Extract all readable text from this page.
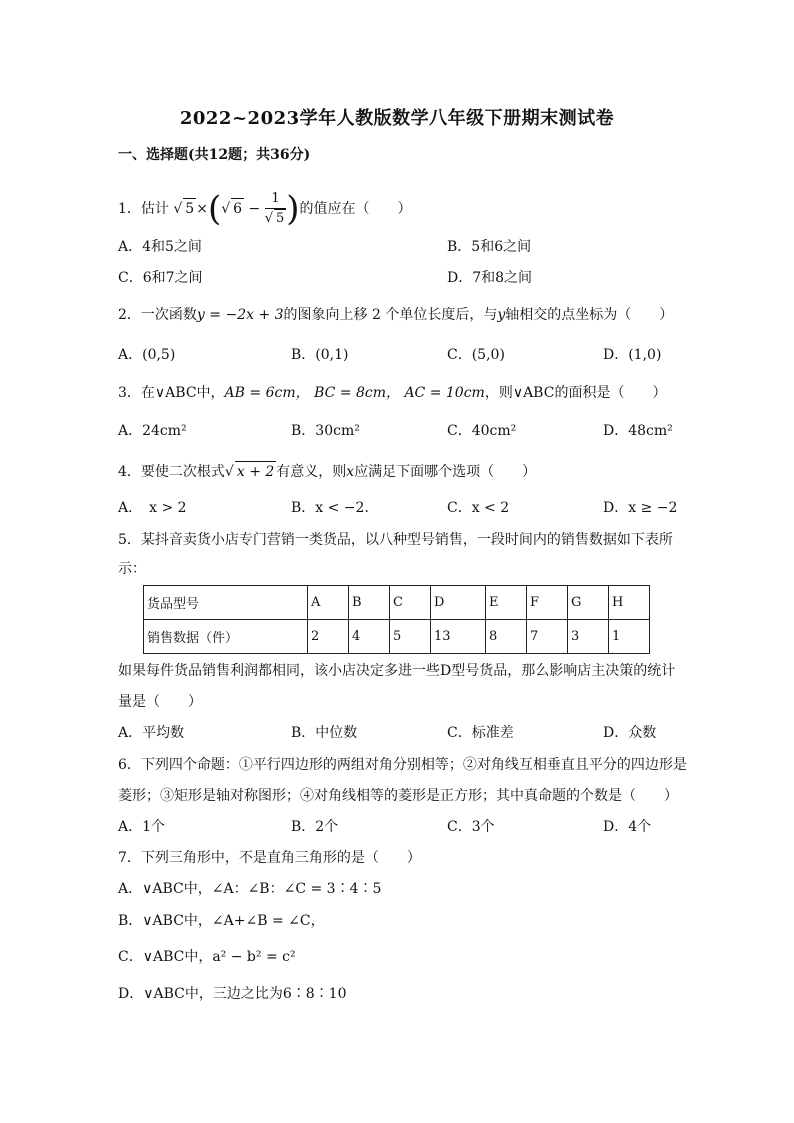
2022~2023学年人教版数学八年级下册期末测试卷
一、选择题(共12题；共36分)
1．估计 √ 5 ×(√ $6 - \frac{1}{√ 5}$ )的值应在（　　）
A．4和5之间	B．5和6之间
C．6和7之间	D．7和8之间
2．一次函数y = −2x + 3的图象向上移 2 个单位长度后，与y轴相交的点坐标为（　　）
A．(0,5)	B．(0,1)	C．(5,0)	D．(1,0)
3．在∨ABC中，AB = 6cm， BC = 8cm， AC = 10cm，则∨ABC的面积是（　　）
A．24cm²	B．30cm²	C．40cm²	D．48cm²
4．要使二次根式√ x + 2 有意义，则x应满足下面哪个选项（　　）
A．　x > 2	B．x < −2．	C．x < 2	D．x ≥ −2
5．某抖音卖货小店专门营销一类货品，以八种型号销售，一段时间内的销售数据如下表所
示：
货品型号	A	B	C	D	E	F	G	H
销售数据（件）	2	4	5	13	8	7	3	1
如果每件货品销售利润都相同，该小店决定多进一些D型号货品，那么影响店主决策的统计
量是（　　）
A．平均数	B．中位数	C．标准差	D．众数
6．下列四个命题：①平行四边形的两组对角分别相等；②对角线互相垂直且平分的四边形是
菱形；③矩形是轴对称图形；④对角线相等的菱形是正方形；其中真命题的个数是（　　）
A．1个	B．2个	C．3个	D．4个
7．下列三角形中，不是直角三角形的是（　　）
A．∨ABC中，∠A：∠B：∠C = 3∶4∶5
B．∨ABC中，∠A+∠B = ∠C，
C．∨ABC中，a² − b² = c²
D．∨ABC中，三边之比为6∶8∶10
